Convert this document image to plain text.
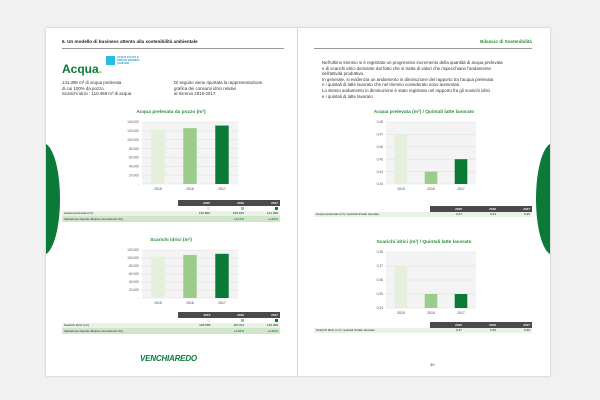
6. Un modello di business attento alla sostenibilità ambientale
Acqua.
ACQUA PULITA E SERVIZI IGIENICO-SANITARI
141.396 m³ di acqua prelevata
di cui 100% da pozzo
Scarichi idrici : 110.468 m³ di acqua
Di seguito viene riportata la rappresentazione
grafica dei consumi idrici relativi
al triennio 2015-2017.
Acqua prelevata da pozzo (m³)
-
20.000
40.000
60.000
80.000
100.000
120.000
140.000
2015	2016	2017
	2015	2016	2017

Acqua prelevata (m³)	130.800	135.160	141.396
Variazione rispetto all'anno precedente (%)		+3,27%	+4,59%
Scarichi idrici (m³)
-
20.000
40.000
60.000
80.000
100.000
120.000
2015	2016	2017
	2015	2016	2017

Scarichi idrici (m³)	103.658	107.611	110.468
Variazione rispetto all'anno precedente (%)		+3,81%	+2,65%
VENCHIAREDO
Bilancio di Sostenibilità
Nell'ultimo triennio si è registrato un progressivo incremento della quantità di acqua prelevata
e di scarichi idrici derivante dal fatto che si tratta di valori che rispecchiano l'andamento
dell'attività produttiva.
In generale, si evidenzia un andamento in diminuzione del rapporto tra l'acqua prelevata
e i quintali di latte lavorato che nel triennio considerato sono aumentati.
Lo stesso andamento in diminuzione è stato registrato nel rapporto fra gli scarichi idrici
e i quintali di latte lavorato.
Acqua prelevata (m³) / Quintali latte lavorato
0,43
0,44
0,45
0,46
0,47
0,48
2015	2016	2017
	2015	2016	2017
Acqua prelevata (m³) / quintali di latte lavorato	0,47	0,44	0,45
Scarichi idrici (m³) / Quintali latte lavorato
0,34
0,35
0,36
0,37
0,38
2015	2016	2017
	2015	2016	2017
Scarichi idrici (m³) / quintali di latte lavorato	0,37	0,35	0,35
39
